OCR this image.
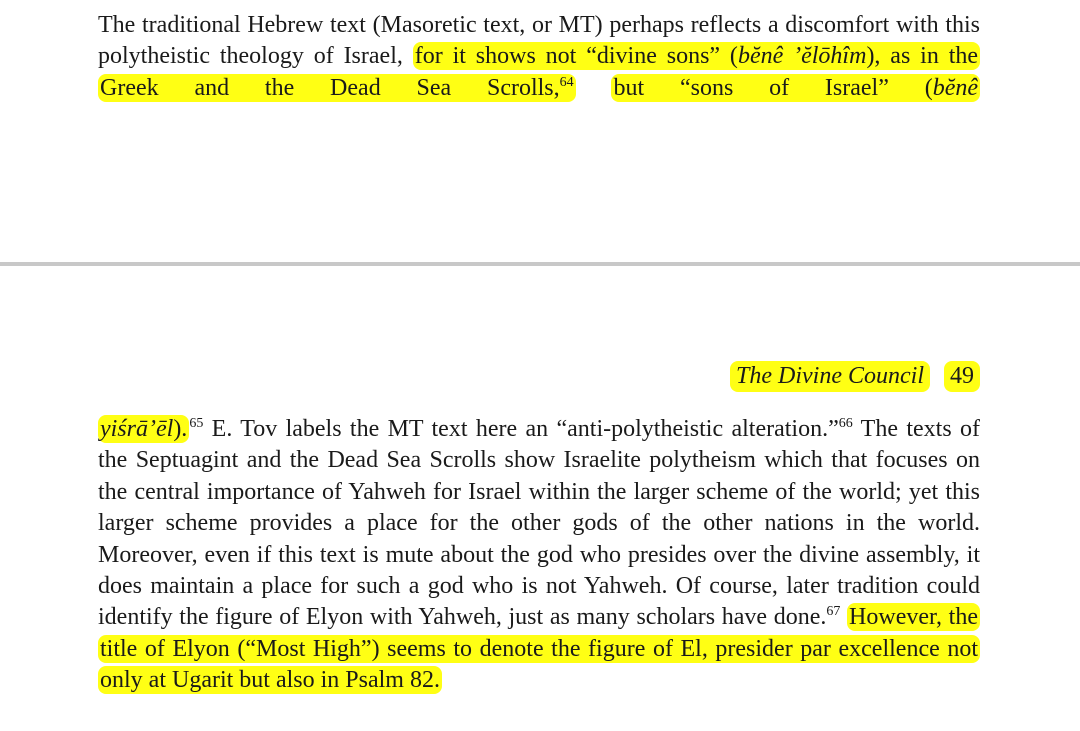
The traditional Hebrew text (Masoretic text, or MT) perhaps reflects a discomfort with this polytheistic theology of Israel, for it shows not “divine sons” (bĕnê ’ĕlōhîm), as in the Greek and the Dead Sea Scrolls,$^{64}$ but “sons of Israel” (bĕnê

The Divine Council 49

yiśrā’ēl). $^{65}$ E. Tov labels the MT text here an “anti-polytheistic alteration.”$^{66}$ The texts of the Septuagint and the Dead Sea Scrolls show Israelite polytheism which that focuses on the central importance of Yahweh for Israel within the larger scheme of the world; yet this larger scheme provides a place for the other gods of the other nations in the world. Moreover, even if this text is mute about the god who presides over the divine assembly, it does maintain a place for such a god who is not Yahweh. Of course, later tradition could identify the figure of Elyon with Yahweh, just as many scholars have done.$^{67}$ However, the title of Elyon (“Most High”) seems to denote the figure of El, presider par excellence not only at Ugarit but also in Psalm 82.
